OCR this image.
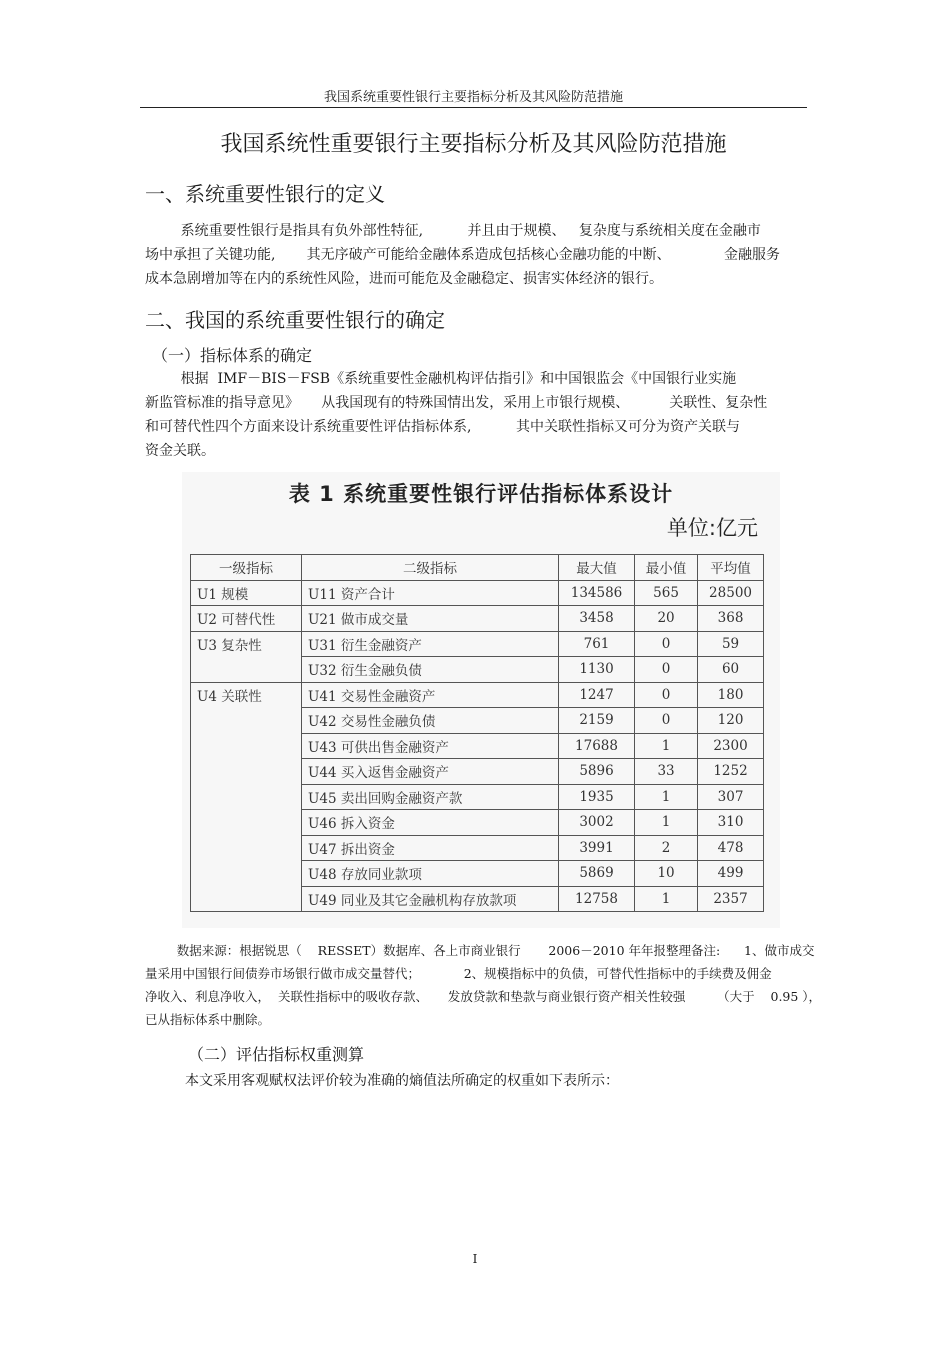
我国系统重要性银行主要指标分析及其风险防范措施
我国系统性重要银行主要指标分析及其风险防范措施
一、系统重要性银行的定义

系统重要性银行是指具有负外部性特征,          并且由于规模、   复杂度与系统相关度在金融市

场中承担了关键功能,       其无序破产可能给金融体系造成包括核心金融功能的中断、            金融服务

成本急剧增加等在内的系统性风险，进而可能危及金融稳定、损害实体经济的银行。

二、我国的系统重要性银行的确定
（一）指标体系的确定

根据  IMF－BIS－FSB《系统重要性金融机构评估指引》和中国银监会《中国银行业实施

新监管标准的指导意见》     从我国现有的特殊国情出发，采用上市银行规模、         关联性、复杂性

和可替代性四个方面来设计系统重要性评估指标体系,          其中关联性指标又可分为资产关联与

资金关联。

表 1 系统重要性银行评估指标体系设计
单位:亿元
一级指标	二级指标	最大值	最小值	平均值
U1 规模	U11 资产合计	134586	565	28500
U2 可替代性	U21 做市成交量	3458	20	368
U3 复杂性	U31 衍生金融资产	761	0	59
	U32 衍生金融负债	1130	0	60
U4 关联性	U41 交易性金融资产	1247	0	180
	U42 交易性金融负债	2159	0	120
	U43 可供出售金融资产	17688	1	2300
	U44 买入返售金融资产	5896	33	1252
	U45 卖出回购金融资产款	1935	1	307
	U46 拆入资金	3002	1	310
	U47 拆出资金	3991	2	478
	U48 存放同业款项	5869	10	499
	U49 同业及其它金融机构存放款项	12758	1	2357

数据来源：根据锐思（    RESSET）数据库、各上市商业银行       2006－2010 年年报整理备注:      1、做市成交

量采用中国银行间债券市场银行做市成交量替代；           2、规模指标中的负债，可替代性指标中的手续费及佣金

净收入、利息净收入，  关联性指标中的吸收存款、     发放贷款和垫款与商业银行资产相关性较强        （大于    0.95 ），

已从指标体系中删除。

（二）评估指标权重测算
本文采用客观赋权法评价较为准确的熵值法所确定的权重如下表所示：
I
